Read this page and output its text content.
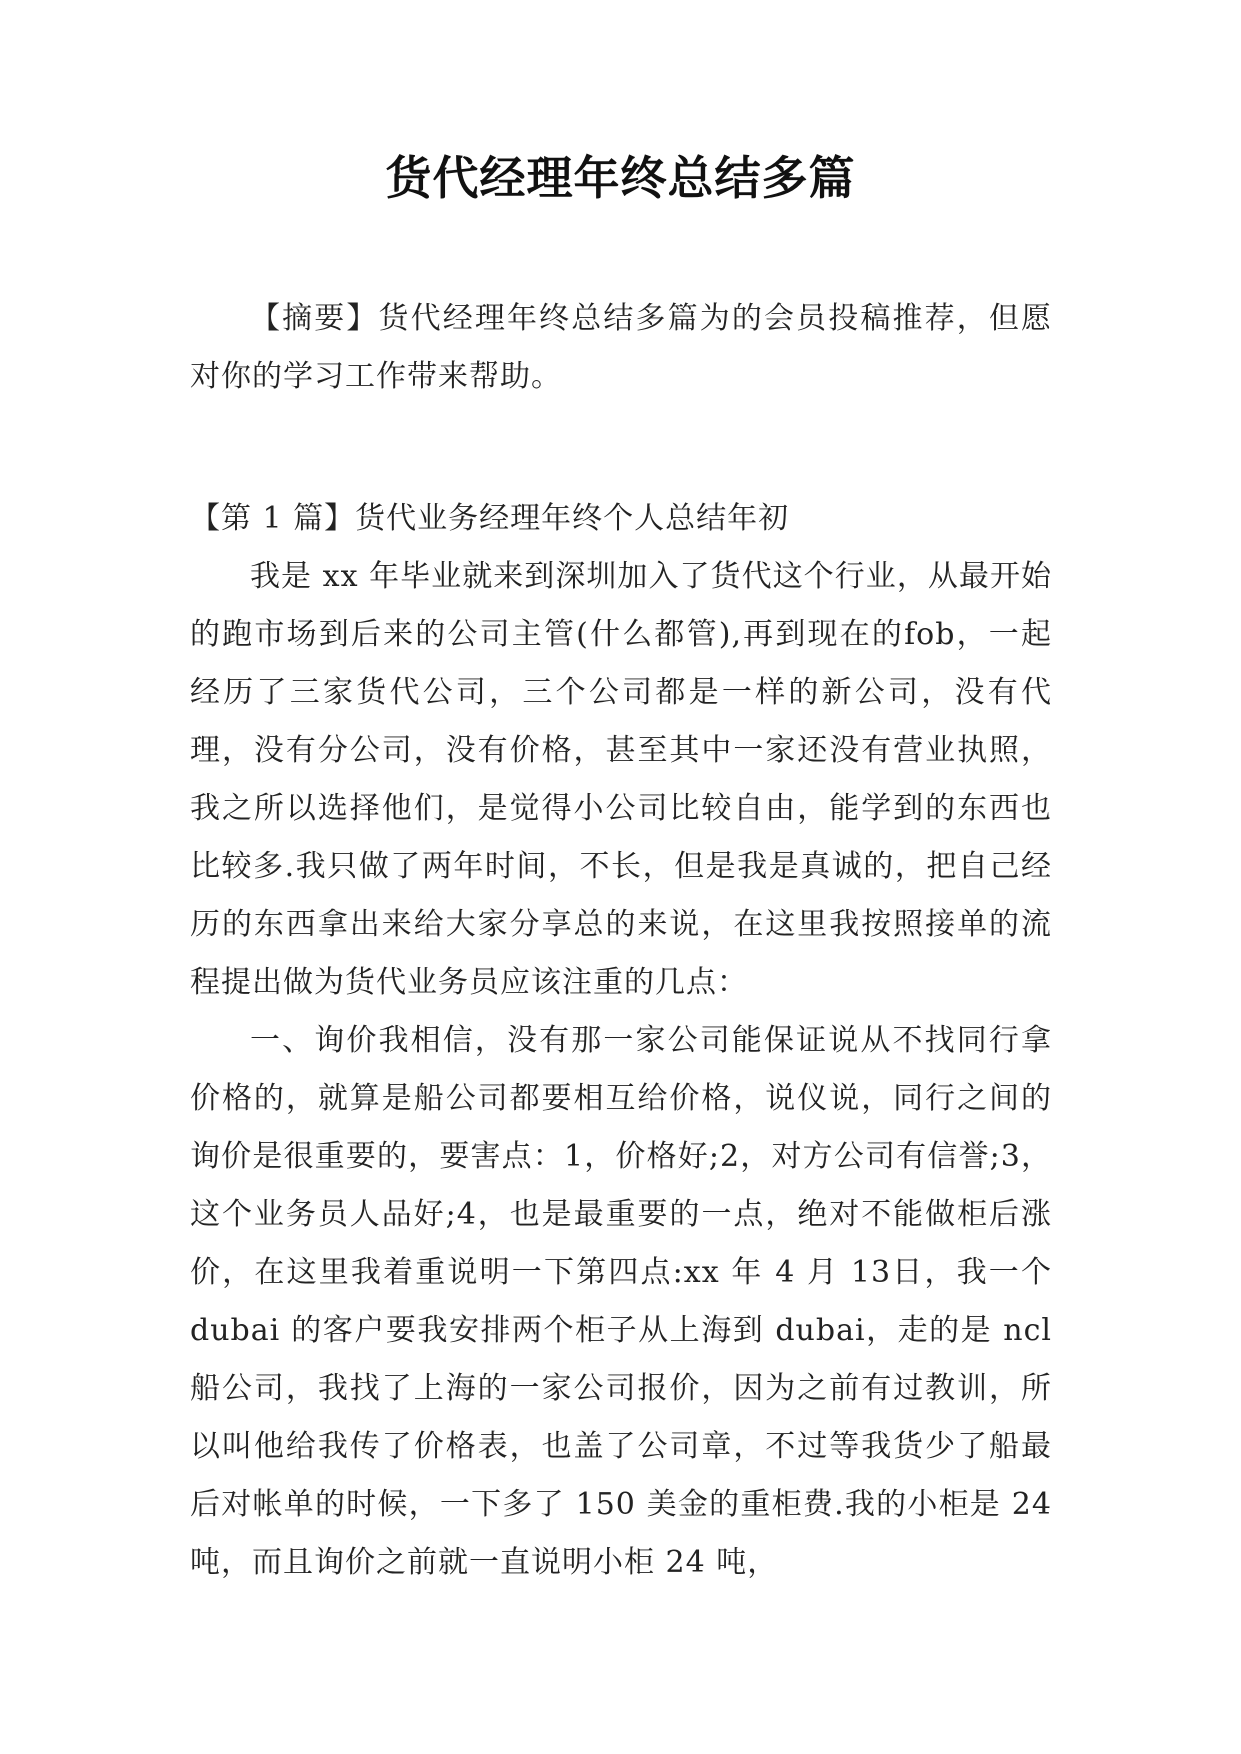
货代经理年终总结多篇

【摘要】货代经理年终总结多篇为的会员投稿推荐，但愿对你的学习工作带来帮助。

【第 1 篇】货代业务经理年终个人总结年初

我是 xx 年毕业就来到深圳加入了货代这个行业，从最开始的跑市场到后来的公司主管(什么都管),再到现在的fob，一起经历了三家货代公司，三个公司都是一样的新公司，没有代理，没有分公司，没有价格，甚至其中一家还没有营业执照，我之所以选择他们，是觉得小公司比较自由，能学到的东西也比较多.我只做了两年时间，不长，但是我是真诚的，把自己经历的东西拿出来给大家分享总的来说，在这里我按照接单的流程提出做为货代业务员应该注重的几点：

一、询价我相信，没有那一家公司能保证说从不找同行拿价格的，就算是船公司都要相互给价格，说仪说，同行之间的询价是很重要的，要害点：1，价格好;2，对方公司有信誉;3，这个业务员人品好;4，也是最重要的一点，绝对不能做柜后涨价，在这里我着重说明一下第四点:xx 年 4 月 13日，我一个 dubai 的客户要我安排两个柜子从上海到 dubai，走的是 ncl 船公司，我找了上海的一家公司报价，因为之前有过教训，所以叫他给我传了价格表，也盖了公司章，不过等我货少了船最后对帐单的时候，一下多了 150 美金的重柜费.我的小柜是 24 吨，而且询价之前就一直说明小柜 24 吨，
